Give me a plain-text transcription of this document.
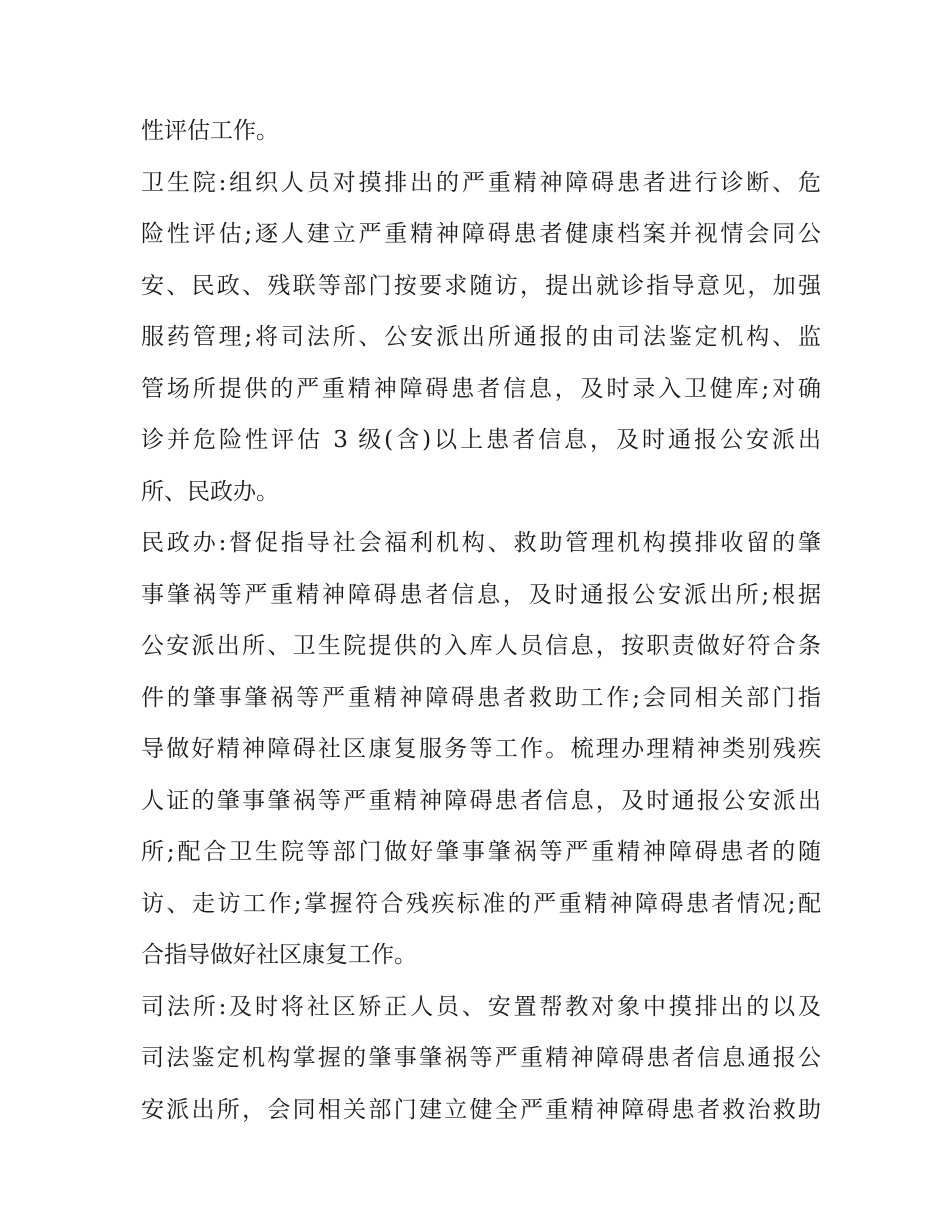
性评估工作。
卫生院:组织人员对摸排出的严重精神障碍患者进行诊断、危
险性评估;逐人建立严重精神障碍患者健康档案并视情会同公
安、民政、残联等部门按要求随访，提出就诊指导意见，加强
服药管理;将司法所、公安派出所通报的由司法鉴定机构、监
管场所提供的严重精神障碍患者信息，及时录入卫健库;对确
诊并危险性评估 3 级(含)以上患者信息，及时通报公安派出
所、民政办。
民政办:督促指导社会福利机构、救助管理机构摸排收留的肇
事肇祸等严重精神障碍患者信息，及时通报公安派出所;根据
公安派出所、卫生院提供的入库人员信息，按职责做好符合条
件的肇事肇祸等严重精神障碍患者救助工作;会同相关部门指
导做好精神障碍社区康复服务等工作。梳理办理精神类别残疾
人证的肇事肇祸等严重精神障碍患者信息，及时通报公安派出
所;配合卫生院等部门做好肇事肇祸等严重精神障碍患者的随
访、走访工作;掌握符合残疾标准的严重精神障碍患者情况;配
合指导做好社区康复工作。
司法所:及时将社区矫正人员、安置帮教对象中摸排出的以及
司法鉴定机构掌握的肇事肇祸等严重精神障碍患者信息通报公
安派出所，会同相关部门建立健全严重精神障碍患者救治救助
